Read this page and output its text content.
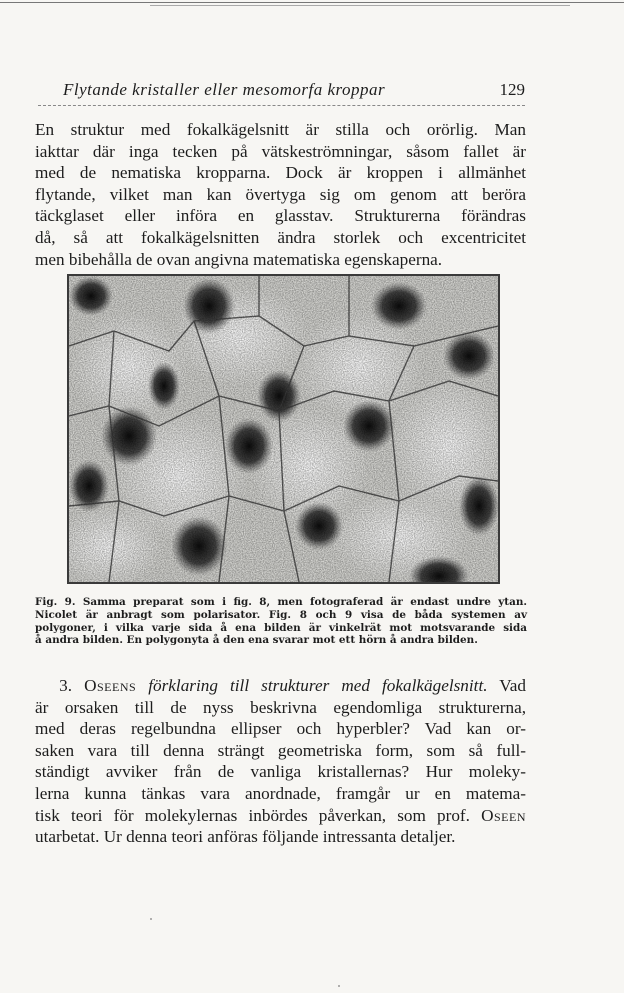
Flytande kristaller eller mesomorfa kroppar	129
En struktur med fokalkägelsnitt är stilla och orörlig. Man
iakttar där inga tecken på vätskeströmningar, såsom fallet är
med de nematiska kropparna. Dock är kroppen i allmänhet
flytande, vilket man kan övertyga sig om genom att beröra
täckglaset eller införa en glasstav. Strukturerna förändras
då, så att fokalkägelsnitten ändra storlek och excentricitet
men bibehålla de ovan angivna matematiska egenskaperna.
Fig. 9. Samma preparat som i fig. 8, men fotograferad är endast undre ytan.
Nicolet är anbragt som polarisator. Fig. 8 och 9 visa de båda systemen av
polygoner, i vilka varje sida å ena bilden är vinkelrät mot motsvarande sida
å andra bilden. En polygonyta å den ena svarar mot ett hörn å andra bilden.
3. Oseens förklaring till strukturer med fokalkägelsnitt. Vad
är orsaken till de nyss beskrivna egendomliga strukturerna,
med deras regelbundna ellipser och hyperbler? Vad kan or-
saken vara till denna strängt geometriska form, som så full-
ständigt avviker från de vanliga kristallernas? Hur moleky-
lerna kunna tänkas vara anordnade, framgår ur en matema-
tisk teori för molekylernas inbördes påverkan, som prof. Oseen
utarbetat. Ur denna teori anföras följande intressanta detaljer.
